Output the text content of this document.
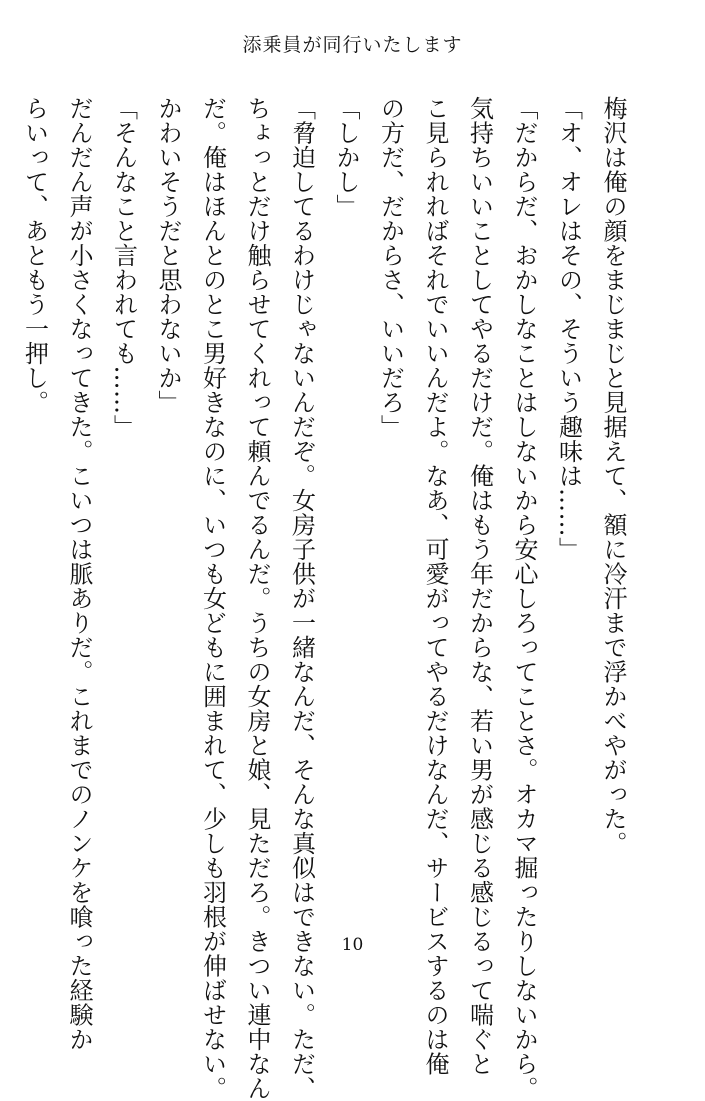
添乗員が同行いたします

梅沢は俺の顔をまじまじと見据えて、額に冷汗まで浮かべやがった。

「オ、オレはその、そういう趣味は……」

「だからだ、おかしなことはしないから安心しろってことさ。オカマ掘ったりしないから。

気持ちいいことしてやるだけだ。俺はもう年だからな、若い男が感じる感じるって喘ぐと

こ見られればそれでいいんだよ。なあ、可愛がってやるだけなんだ、サービスするのは俺

の方だ、だからさ、いいだろ」

「しかし」

「脅迫してるわけじゃないんだぞ。女房子供が一緒なんだ、そんな真似はできない。ただ、

ちょっとだけ触らせてくれって頼んでるんだ。うちの女房と娘、見ただろ。きつい連中なん

だ。俺はほんとのとこ男好きなのに、いつも女どもに囲まれて、少しも羽根が伸ばせない。

かわいそうだと思わないか」

「そんなこと言われても……」

だんだん声が小さくなってきた。こいつは脈ありだ。これまでのノンケを喰った経験か

らいって、あともう一押し。

10
